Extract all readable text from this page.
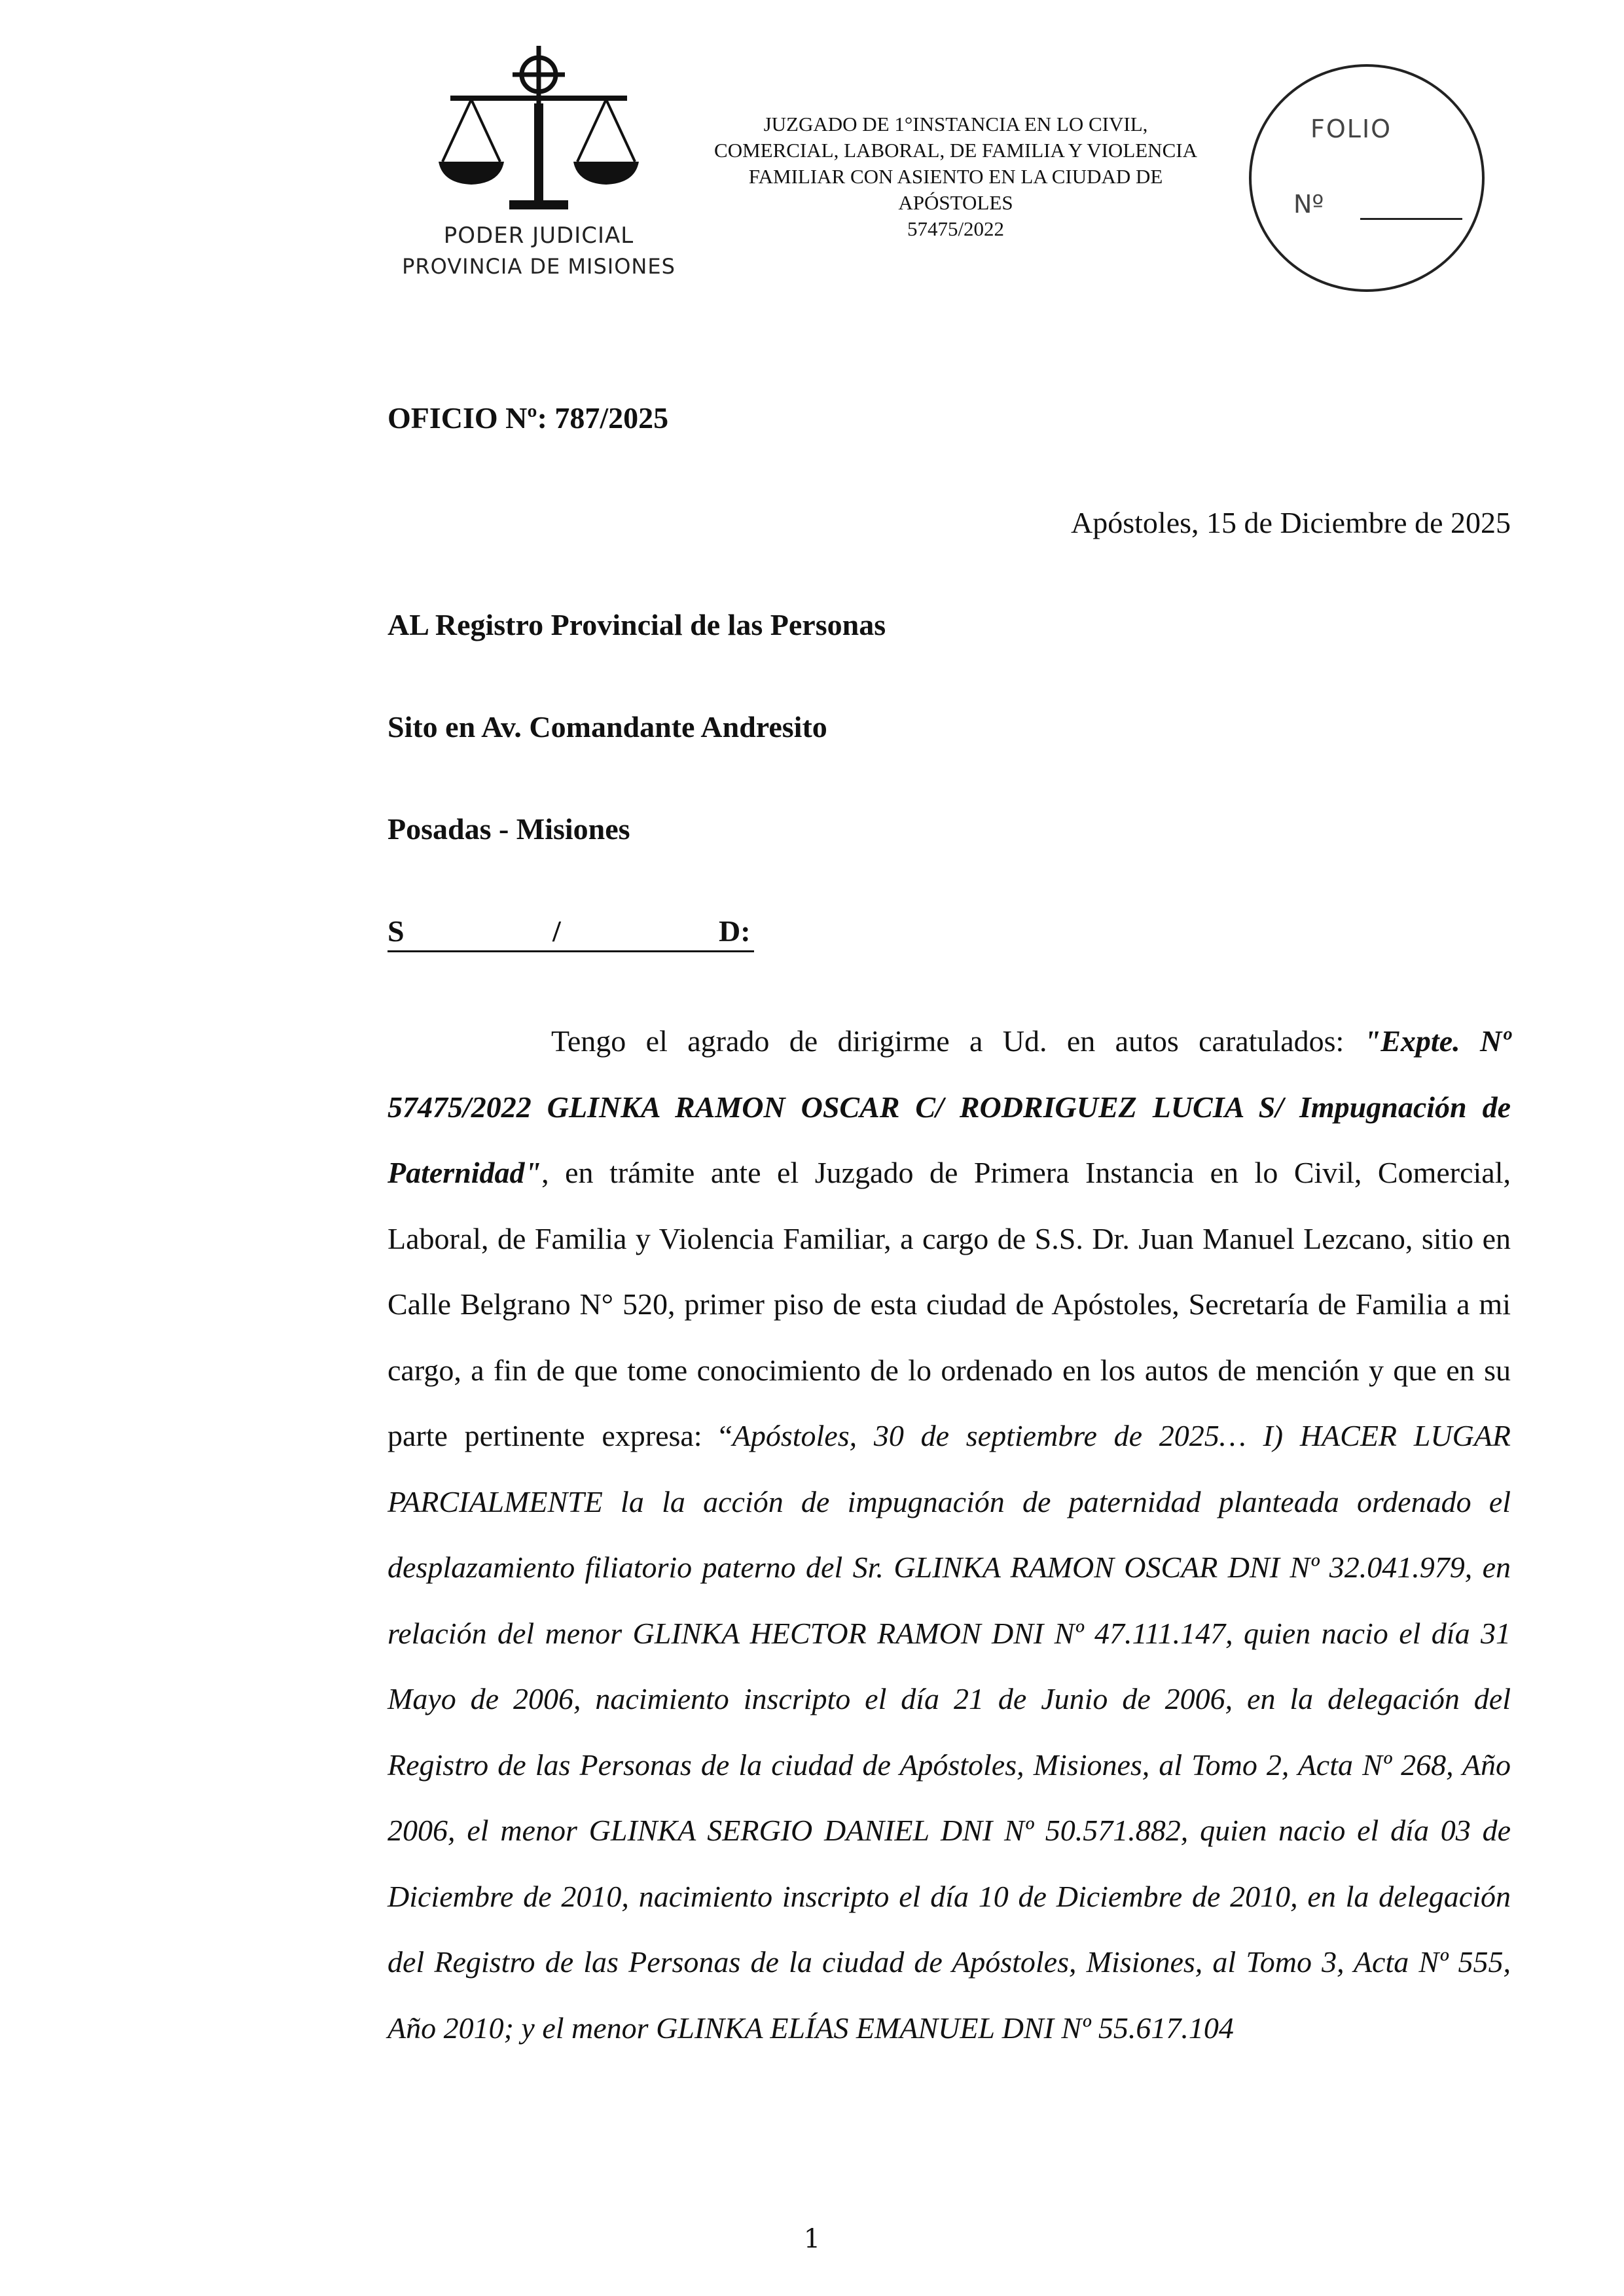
PODER JUDICIAL
PROVINCIA DE MISIONES
JUZGADO DE 1°INSTANCIA EN LO CIVIL,
COMERCIAL, LABORAL, DE FAMILIA Y VIOLENCIA
FAMILIAR CON ASIENTO EN LA CIUDAD DE
APÓSTOLES
57475/2022
FOLIO
Nº
OFICIO Nº: 787/2025
Apóstoles, 15 de Diciembre de 2025
AL Registro Provincial de las Personas
Sito en Av. Comandante Andresito
Posadas - Misiones
S	/	D:

Tengo el agrado de dirigirme a Ud. en autos caratulados: "Expte. Nº 57475/2022 GLINKA RAMON OSCAR C/ RODRIGUEZ LUCIA S/ Impugnación de Paternidad", en trámite ante el Juzgado de Primera Instancia en lo Civil, Comercial, Laboral, de Familia y Violencia Familiar, a cargo de S.S. Dr. Juan Manuel Lezcano, sitio en Calle Belgrano N° 520, primer piso de esta ciudad de Apóstoles, Secretaría de Familia a mi cargo, a fin de que tome conocimiento de lo ordenado en los autos de mención y que en su parte pertinente expresa: “Apóstoles, 30 de septiembre de 2025… I) HACER LUGAR PARCIALMENTE la la acción de impugnación de paternidad planteada ordenado el desplazamiento filiatorio paterno del Sr. GLINKA RAMON OSCAR DNI Nº 32.041.979, en relación del menor GLINKA HECTOR RAMON DNI Nº 47.111.147, quien nacio el día 31 Mayo de 2006, nacimiento inscripto el día 21 de Junio de 2006, en la delegación del Registro de las Personas de la ciudad de Apóstoles, Misiones, al Tomo 2, Acta Nº 268, Año 2006, el menor GLINKA SERGIO DANIEL DNI Nº 50.571.882, quien nacio el día 03 de Diciembre de 2010, nacimiento inscripto el día 10 de Diciembre de 2010, en la delegación del Registro de las Personas de la ciudad de Apóstoles, Misiones, al Tomo 3, Acta Nº 555, Año 2010; y el menor GLINKA ELÍAS EMANUEL DNI Nº 55.617.104

1
